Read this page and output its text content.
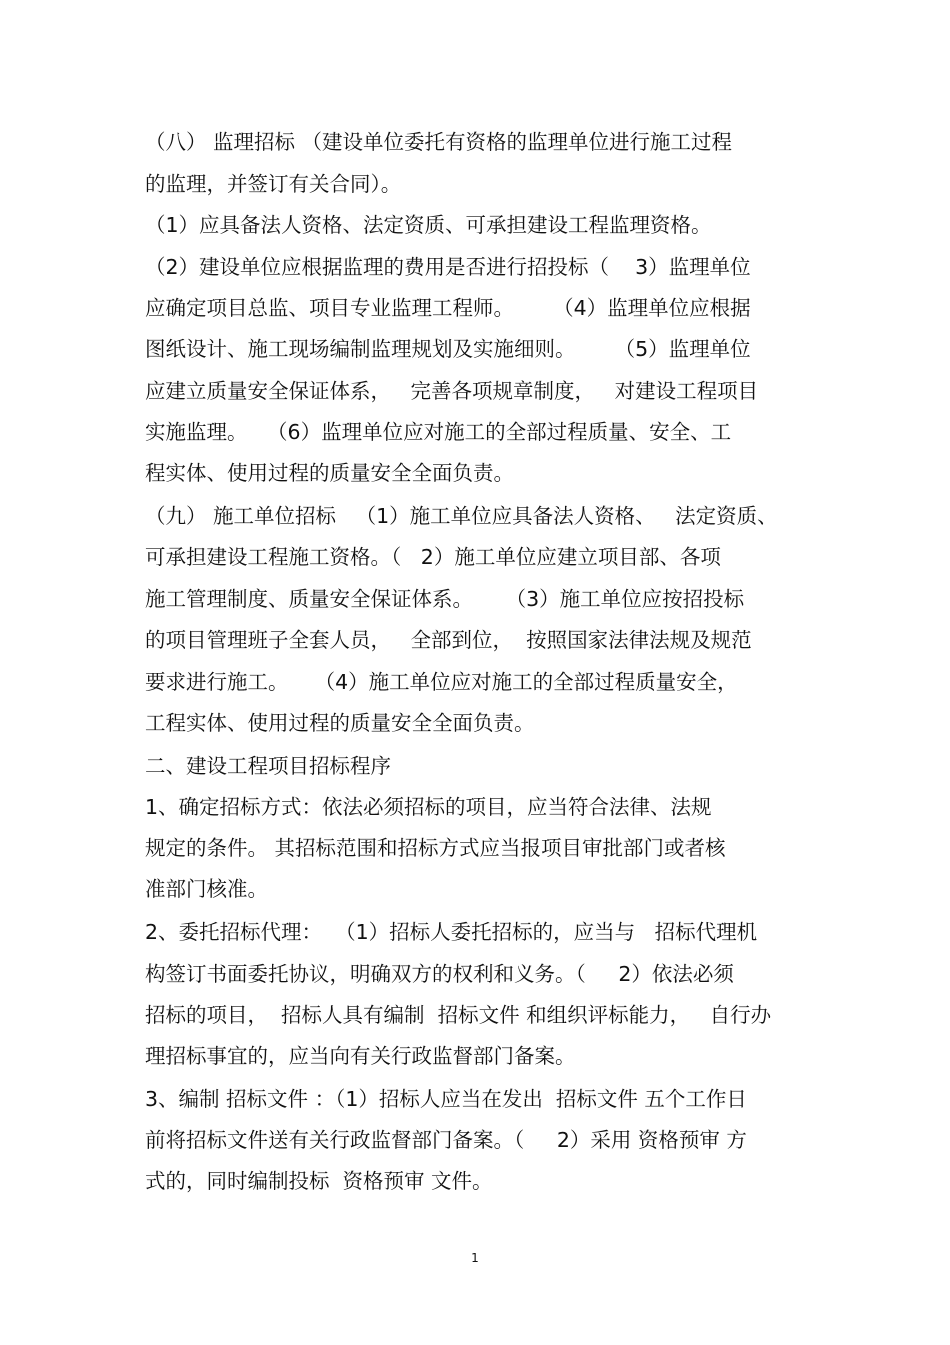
（八） 监理招标 （建设单位委托有资格的监理单位进行施工过程
的监理，并签订有关合同）。
（1）应具备法人资格、法定资质、可承担建设工程监理资格。
（2）建设单位应根据监理的费用是否进行招投标（    3）监理单位
应确定项目总监、项目专业监理工程师。      （4）监理单位应根据
图纸设计、施工现场编制监理规划及实施细则。      （5）监理单位
应建立质量安全保证体系，   完善各项规章制度，   对建设工程项目
实施监理。   （6）监理单位应对施工的全部过程质量、安全、工
程实体、使用过程的质量安全全面负责。
（九） 施工单位招标   （1）施工单位应具备法人资格、   法定资质、
可承担建设工程施工资格。（   2）施工单位应建立项目部、各项
施工管理制度、质量安全保证体系。     （3）施工单位应按招投标
的项目管理班子全套人员，   全部到位，  按照国家法律法规及规范
要求进行施工。    （4）施工单位应对施工的全部过程质量安全，
工程实体、使用过程的质量安全全面负责。
二、建设工程项目招标程序
1、确定招标方式：依法必须招标的项目，应当符合法律、法规
规定的条件。 其招标范围和招标方式应当报项目审批部门或者核
准部门核准。
2、委托招标代理：  （1）招标人委托招标的，应当与   招标代理机
构签订书面委托协议，明确双方的权利和义务。（     2）依法必须
招标的项目，  招标人具有编制  招标文件 和组织评标能力，   自行办
理招标事宜的，应当向有关行政监督部门备案。
3、编制 招标文件 ：（1）招标人应当在发出  招标文件 五个工作日
前将招标文件送有关行政监督部门备案。（     2）采用 资格预审 方
式的，同时编制投标  资格预审 文件。
1
